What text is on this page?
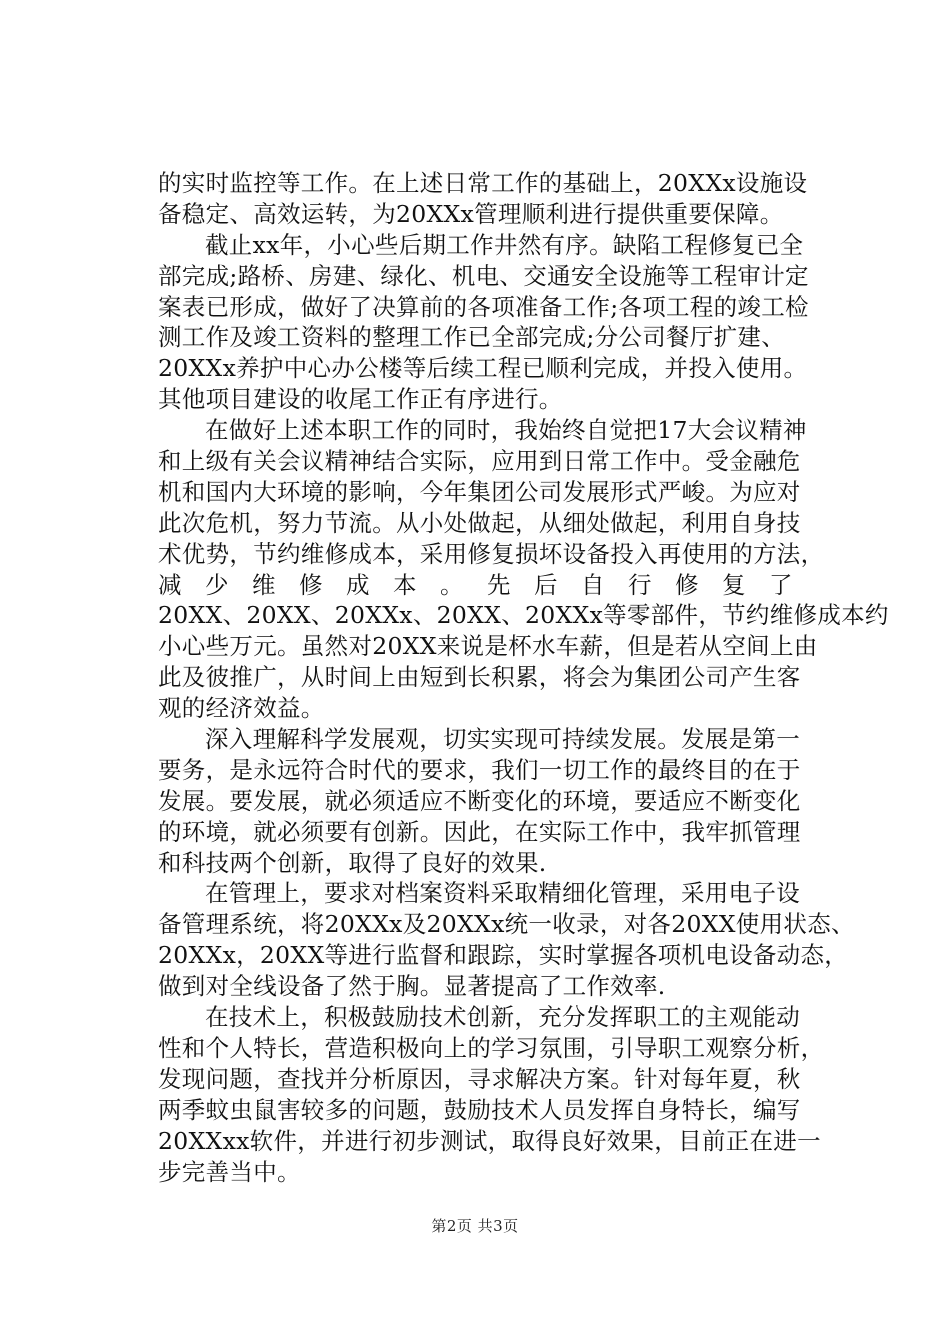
的实时监控等工作。在上述日常工作的基础上，20XXx设施设
备稳定、高效运转，为20XXx管理顺利进行提供重要保障。
截止xx年，小心些后期工作井然有序。缺陷工程修复已全
部完成;路桥、房建、绿化、机电、交通安全设施等工程审计定
案表已形成，做好了决算前的各项准备工作;各项工程的竣工检
测工作及竣工资料的整理工作已全部完成;分公司餐厅扩建、
20XXx养护中心办公楼等后续工程已顺利完成，并投入使用。
其他项目建设的收尾工作正有序进行。
在做好上述本职工作的同时，我始终自觉把17大会议精神
和上级有关会议精神结合实际，应用到日常工作中。受金融危
机和国内大环境的影响，今年集团公司发展形式严峻。为应对
此次危机，努力节流。从小处做起，从细处做起，利用自身技
术优势，节约维修成本，采用修复损坏设备投入再使用的方法，
减 少 维 修 成 本 。 先 后 自 行 修 复 了
20XX、20XX、20XXx、20XX、20XXx等零部件，节约维修成本约
小心些万元。虽然对20XX来说是杯水车薪，但是若从空间上由
此及彼推广，从时间上由短到长积累，将会为集团公司产生客
观的经济效益。
深入理解科学发展观，切实实现可持续发展。发展是第一
要务，是永远符合时代的要求，我们一切工作的最终目的在于
发展。要发展，就必须适应不断变化的环境，要适应不断变化
的环境，就必须要有创新。因此，在实际工作中，我牢抓管理
和科技两个创新，取得了良好的效果.
在管理上，要求对档案资料采取精细化管理，采用电子设
备管理系统，将20XXx及20XXx统一收录，对各20XX使用状态、
20XXx，20XX等进行监督和跟踪，实时掌握各项机电设备动态，
做到对全线设备了然于胸。显著提高了工作效率.
在技术上，积极鼓励技术创新，充分发挥职工的主观能动
性和个人特长，营造积极向上的学习氛围，引导职工观察分析，
发现问题，查找并分析原因，寻求解决方案。针对每年夏，秋
两季蚊虫鼠害较多的问题，鼓励技术人员发挥自身特长，编写
20XXxx软件，并进行初步测试，取得良好效果，目前正在进一
步完善当中。
第2页 共3页
